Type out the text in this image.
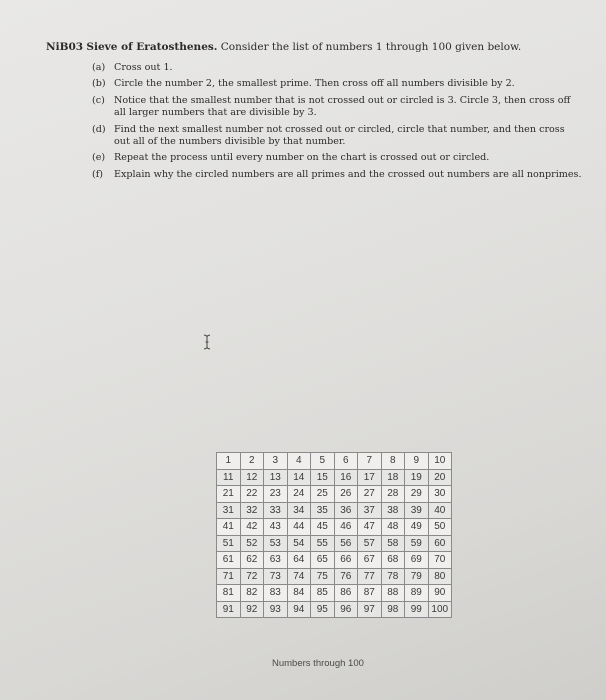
NiB03 Sieve of Eratosthenes. Consider the list of numbers 1 through 100 given below.
(a) Cross out 1.
(b) Circle the number 2, the smallest prime. Then cross off all numbers divisible by 2.
(c) Notice that the smallest number that is not crossed out or circled is 3. Circle 3, then cross off all larger numbers that are divisible by 3.
(d) Find the next smallest number not crossed out or circled, circle that number, and then cross out all of the numbers divisible by that number.
(e) Repeat the process until every number on the chart is crossed out or circled.
(f)	Explain why the circled numbers are all primes and the crossed out numbers are all nonprimes.
1	2	3	4	5	6	7	8	9	10
11	12	13	14	15	16	17	18	19	20
21	22	23	24	25	26	27	28	29	30
31	32	33	34	35	36	37	38	39	40
41	42	43	44	45	46	47	48	49	50
51	52	53	54	55	56	57	58	59	60
61	62	63	64	65	66	67	68	69	70
71	72	73	74	75	76	77	78	79	80
81	82	83	84	85	86	87	88	89	90
91	92	93	94	95	96	97	98	99	100
Numbers through 100
